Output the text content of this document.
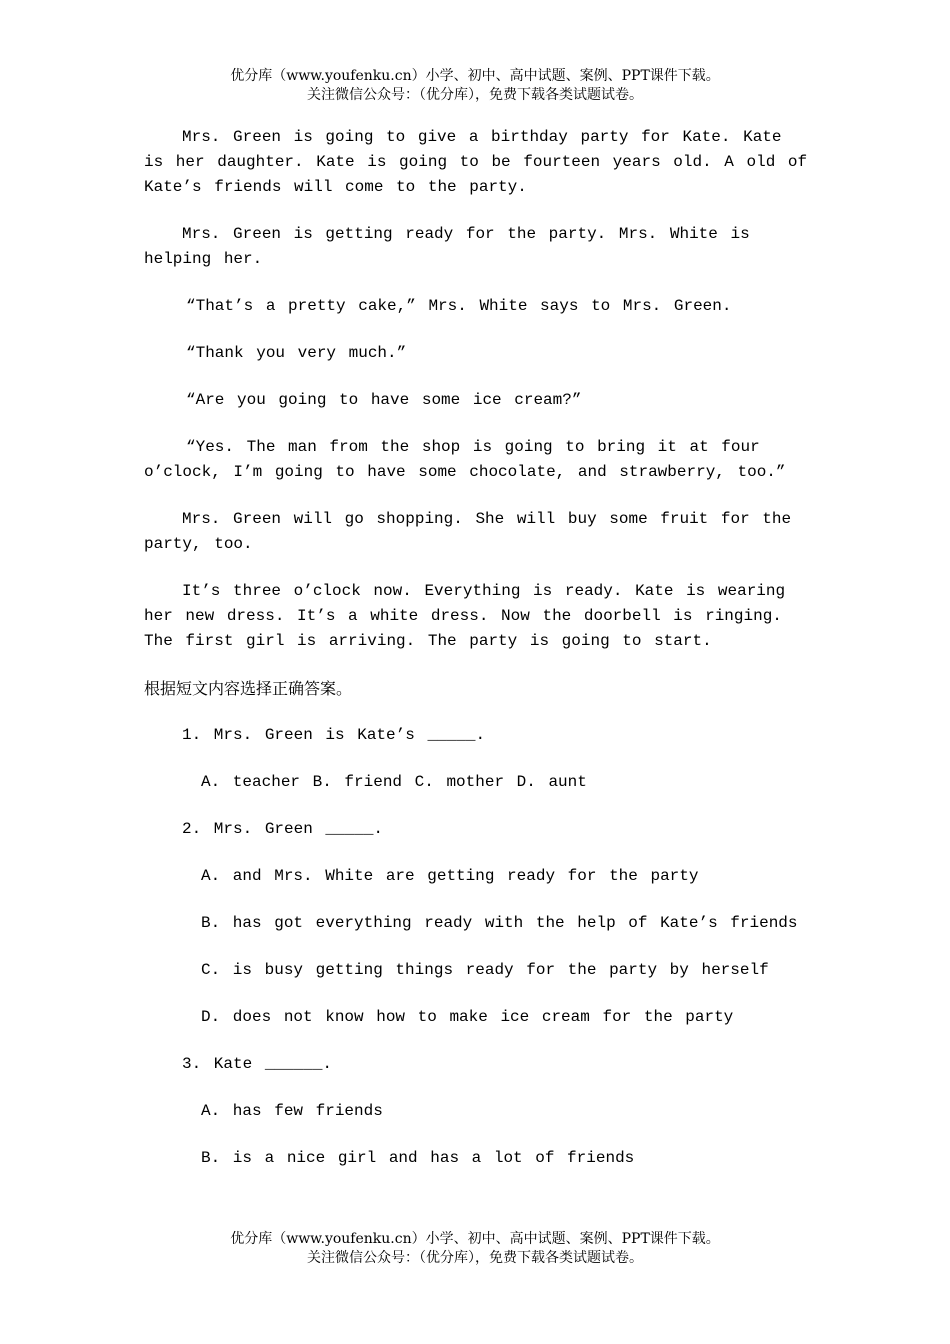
优分库（www.youfenku.cn）小学、初中、高中试题、案例、PPT课件下载。
关注微信公众号：（优分库），免费下载各类试题试卷。

Mrs. Green is going to give a birthday party for Kate. Kate is her daughter. Kate is going to be fourteen years old. A old of Kate’s friends will come to the party.

Mrs. Green is getting ready for the party. Mrs. White is helping her.

“That’s a pretty cake,” Mrs. White says to Mrs. Green.

“Thank you very much.”

“Are you going to have some ice cream?”

“Yes. The man from the shop is going to bring it at four o’clock, I’m going to have some chocolate, and strawberry, too.”

Mrs. Green will go shopping. She will buy some fruit for the party, too.

It’s three o’clock now. Everything is ready. Kate is wearing her new dress. It’s a white dress. Now the doorbell is ringing. The first girl is arriving. The party is going to start.

根据短文内容选择正确答案。

1. Mrs. Green is Kate’s _____.

A. teacher B. friend C. mother D. aunt

2. Mrs. Green _____.

A. and Mrs. White are getting ready for the party

B. has got everything ready with the help of Kate’s friends

C. is busy getting things ready for the party by herself

D. does not know how to make ice cream for the party

3. Kate ______.

A. has few friends

B. is a nice girl and has a lot of friends

优分库（www.youfenku.cn）小学、初中、高中试题、案例、PPT课件下载。
关注微信公众号：（优分库），免费下载各类试题试卷。
